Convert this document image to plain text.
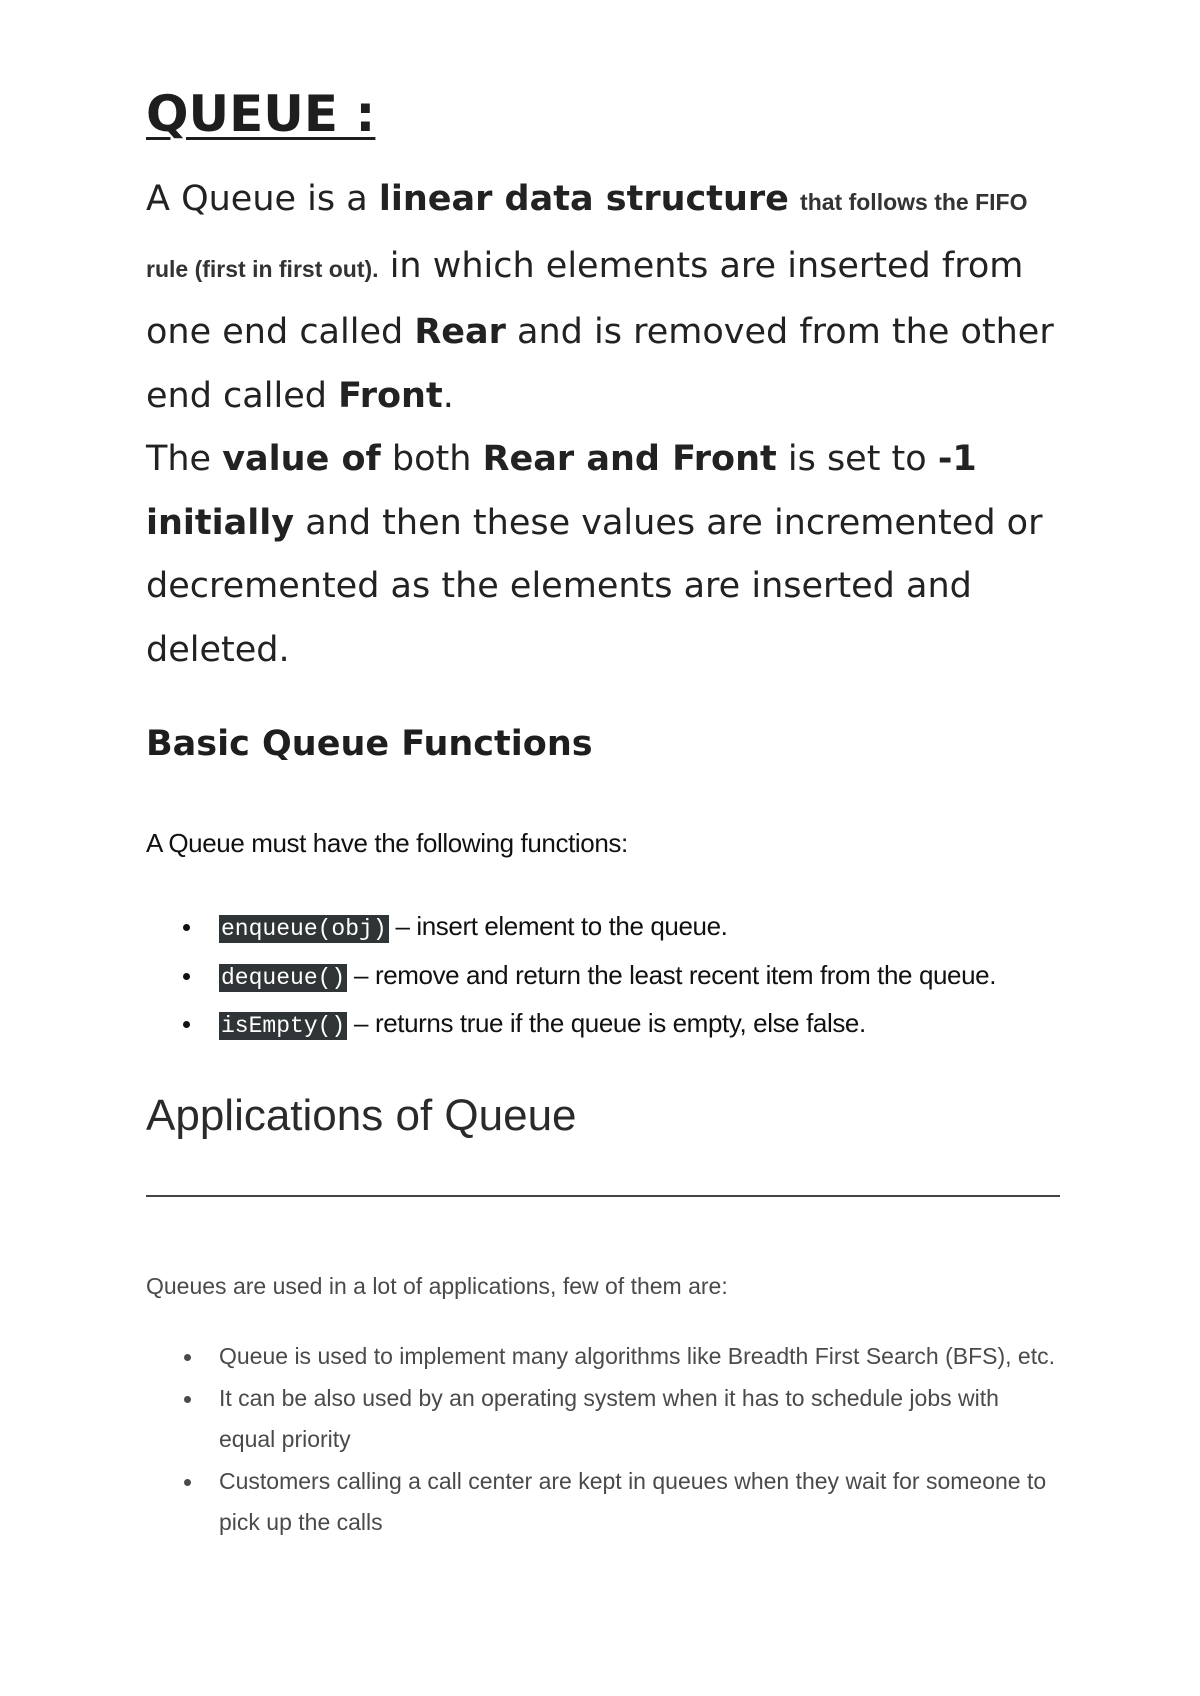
QUEUE :

A Queue is a linear data structure that follows the FIFO rule (first in first out). in which elements are inserted from one end called Rear and is removed from the other end called Front.
The value of both Rear and Front is set to -1 initially and then these values are incremented or decremented as the elements are inserted and deleted.

Basic Queue Functions

A Queue must have the following functions:

enqueue(obj) – insert element to the queue.
dequeue() – remove and return the least recent item from the queue.
isEmpty() – returns true if the queue is empty, else false.
Applications of Queue

Queues are used in a lot of applications, few of them are:

Queue is used to implement many algorithms like Breadth First Search (BFS), etc.
It can be also used by an operating system when it has to schedule jobs with equal priority
Customers calling a call center are kept in queues when they wait for someone to pick up the calls
